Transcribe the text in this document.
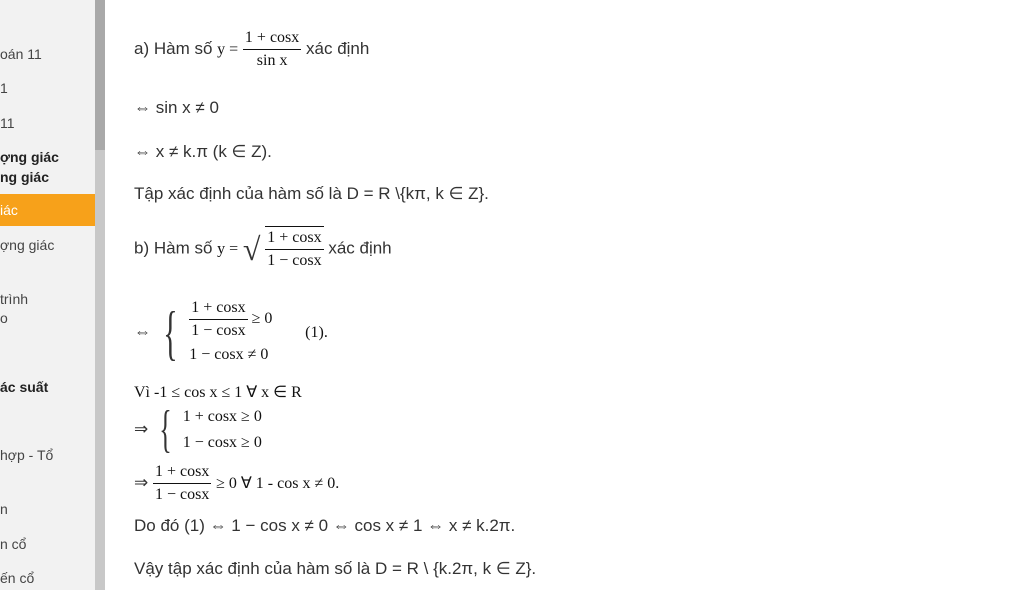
oán 11
1
11
ợng giác
ng giác
iác
ợng giác
trình
o
ác suất
hợp - Tổ
n
n cổ
ến cổ
a) Hàm số $y = \frac{1 + \cos x}{\text{sin x}}$ xác định
⇔ sin x ≠ 0
⇔ x ≠ k.π (k ∈ Z).
Tập xác định của hàm số là D = R \{kπ, k ∈ Z}.
b) Hàm số y = √ $\frac{1 + \cos x}{1 - \cos x}$ xác định
⇔ { $\frac{1 + \cos x}{1 - \cos x} \ge 0$
1 − cosx ≠ 0
(1).
Vì -1 ≤ cos x ≤ 1 ∀ x ∈ R
⇒ { 1 + cosx ≥ 0
1 − cosx ≥ 0
⇒ $\frac{1 + \cos x}{1 - \cos x} \ge 0$ ∀ 1 - cos x ≠ 0.
Do đó (1) ⇔ 1 − cos x ≠ 0 ⇔ cos x ≠ 1 ⇔ x ≠ k.2π.
Vậy tập xác định của hàm số là D = R \ {k.2π, k ∈ Z}.
